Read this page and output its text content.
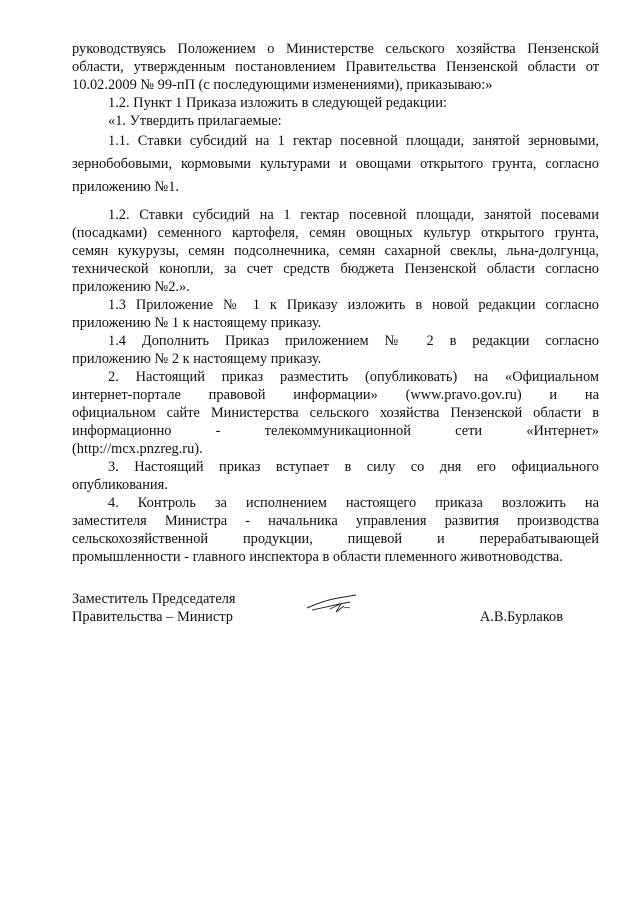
руководствуясь Положением о Министерстве сельского хозяйства Пензенской
области, утвержденным постановлением Правительства Пензенской области от
10.02.2009 № 99-пП (с последующими изменениями), приказываю:»

1.2. Пункт 1 Приказа изложить в следующей редакции:

«1. Утвердить прилагаемые:

1.1. Ставки субсидий на 1 гектар посевной площади, занятой зерновыми,
зернобобовыми, кормовыми культурами и овощами открытого грунта, согласно
приложению №1.

1.2. Ставки субсидий на 1 гектар посевной площади, занятой посевами
(посадками) семенного картофеля, семян овощных культур открытого грунта,
семян кукурузы, семян подсолнечника, семян сахарной свеклы, льна-долгунца,
технической конопли, за счет средств бюджета Пензенской области согласно
приложению №2.».

1.3 Приложение № 1 к Приказу изложить в новой редакции согласно
приложению № 1 к настоящему приказу.

1.4 Дополнить Приказ приложением № 2 в редакции согласно
приложению № 2 к настоящему приказу.

2. Настоящий приказ разместить (опубликовать) на «Официальном
интернет-портале правовой информации» (www.pravo.gov.ru) и на
официальном сайте Министерства сельского хозяйства Пензенской области в
информационно - телекоммуникационной сети «Интернет»
(http://mcx.pnzreg.ru).

3. Настоящий приказ вступает в силу со дня его официального
опубликования.

4. Контроль за исполнением настоящего приказа возложить на
заместителя Министра - начальника управления развития производства
сельскохозяйственной продукции, пищевой и перерабатывающей
промышленности - главного инспектора в области племенного животноводства.

Заместитель Председателя
Правительства – Министр	А.В.Бурлаков
